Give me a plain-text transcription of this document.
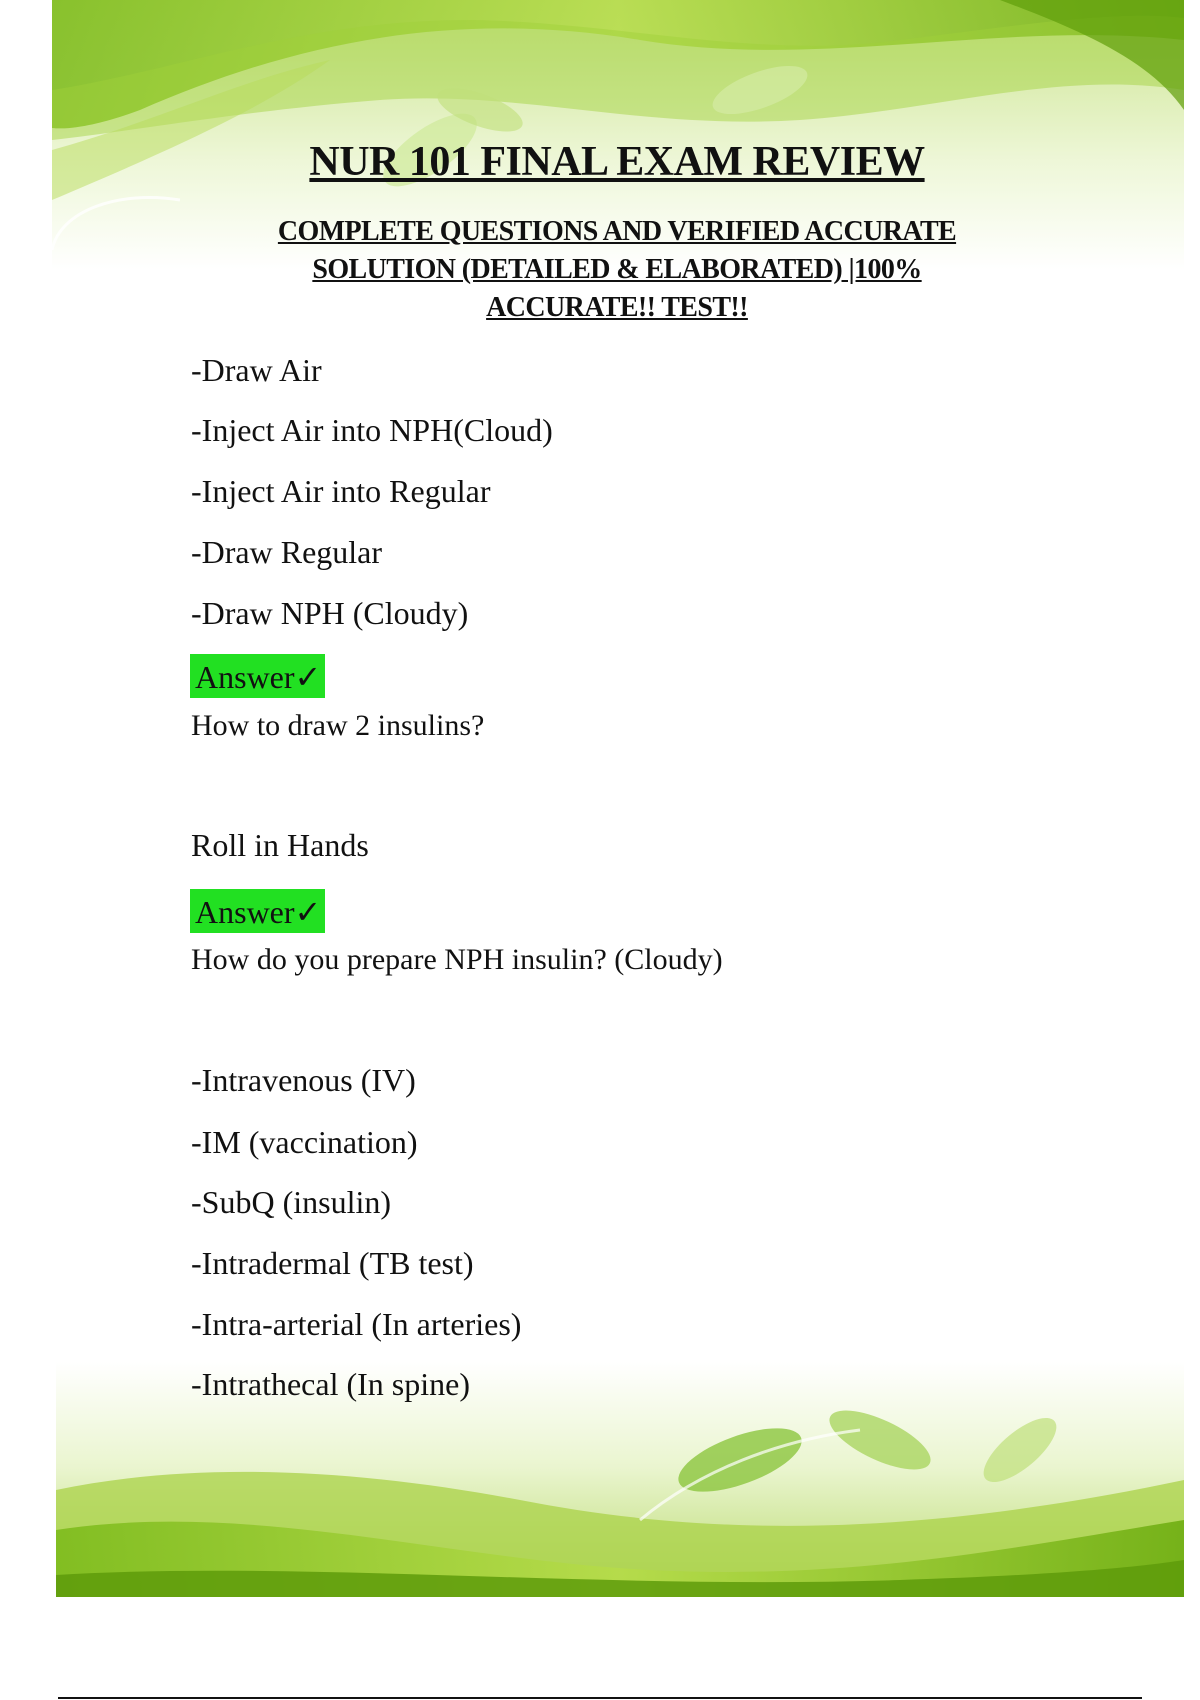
NUR 101 FINAL EXAM REVIEW
COMPLETE QUESTIONS AND VERIFIED ACCURATE SOLUTION (DETAILED & ELABORATED) |100% ACCURATE!! TEST!!
-Draw Air
-Inject Air into NPH(Cloud)
-Inject Air into Regular
-Draw Regular
-Draw NPH (Cloudy)
Answer✓
How to draw 2 insulins?
Roll in Hands
Answer✓
How do you prepare NPH insulin? (Cloudy)
-Intravenous (IV)
-IM (vaccination)
-SubQ (insulin)
-Intradermal (TB test)
-Intra-arterial (In arteries)
-Intrathecal (In spine)
